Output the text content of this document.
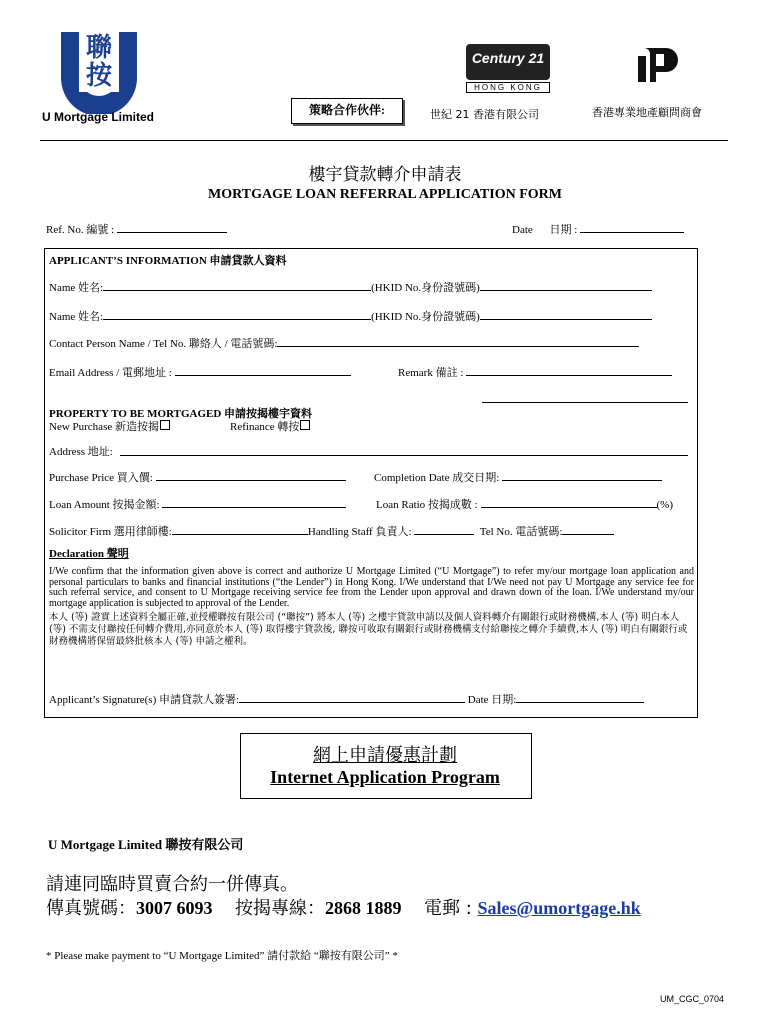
聯按
U Mortgage Limited	策略合作伙伴:
Century 21
HONG KONG
世紀 21 香港有限公司	香港專業地產顧問商會
樓宇貸款轉介申請表
MORTGAGE LOAN REFERRAL APPLICATION FORM
Ref. No. 編號 :	Date 日期 :
APPLICANT’S INFORMATION 申請貸款人資料
Name 姓名:	(HKID No.身份證號碼)
Name 姓名:	(HKID No.身份證號碼)
Contact Person Name / Tel No. 聯絡人 / 電話號碼:
Email Address / 電郵地址 :	Remark 備註 :
PROPERTY TO BE MORTGAGED 申請按揭樓宇資料
New Purchase 新造按揭	Refinance 轉按
Address 地址:
Purchase Price 買入價:	Completion Date 成交日期:
Loan Amount 按揭金額:	Loan Ratio 按揭成數 :	(%)
Solicitor Firm 選用律師樓:	Handling Staff 負責人:	Tel No. 電話號碼:
Declaration 聲明
I/We confirm that the information given above is correct and authorize U Mortgage Limited (“U Mortgage”) to refer my/our mortgage loan application and personal particulars to banks and financial institutions (“the Lender”) in Hong Kong. I/We understand that I/We need not pay U Mortgage any service fee for such referral service, and consent to U Mortgage receiving service fee from the Lender upon approval and drawn down of the loan. I/We understand my/our mortgage application is subjected to approval of the Lender.
本人 (等) 證實上述資料全屬正確,並授權聯按有限公司 (“聯按”) 將本人 (等) 之樓宇貸款申請以及個人資料轉介有關銀行或財務機構,本人 (等) 明白本人 (等) 不需支付聯按任何轉介費用,亦同意於本人 (等) 取得樓宇貸款後, 聯按可收取有關銀行或財務機構支付給聯按之轉介手續費,本人 (等) 明白有關銀行或財務機構將保留最終批核本人 (等) 申請之權利。
Applicant’s Signature(s) 申請貸款人簽署:	Date 日期:
網上申請優惠計劃
Internet Application Program
U Mortgage Limited 聯按有限公司
請連同臨時買賣合約一併傳真。
傳真號碼：3007 6093 按揭專線：2868 1889 電郵 : Sales@umortgage.hk
* Please make payment to “U Mortgage Limited” 請付款給 “聯按有限公司” *
UM_CGC_0704
